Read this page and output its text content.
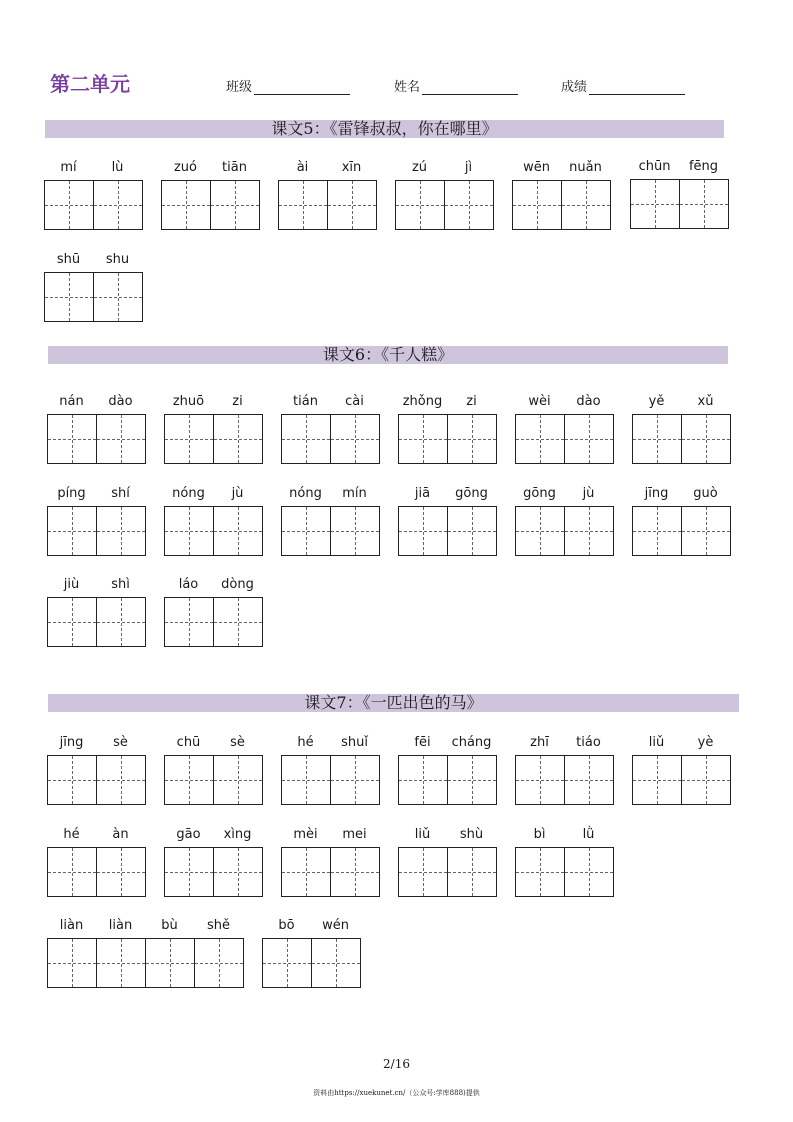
第二单元	班级	姓名	成绩
课文5：《雷锋叔叔，你在哪里》
课文6：《千人糕》
课文7：《一匹出色的马》
mí	lù	zuó	tiān	ài	xīn	zú	jì	wēn	nuǎn	chūn	fēng
shū	shu
nán	dào	zhuō	zi	tián	cài	zhǒng	zi	wèi	dào	yě	xǔ
píng	shí	nóng	jù	nóng	mín	jiā	gōng	gōng	jù	jīng	guò
jiù	shì	láo	dòng
jīng	sè	chū	sè	hé	shuǐ	fēi	cháng	zhī	tiáo	liǔ	yè
hé	àn	gāo	xìng	mèi	mei	liǔ	shù	bì	lǜ
liàn	liàn	bù	shě	bō	wén
2/16
资料由https://xuekunet.cn/（公众号:学库888)提供
